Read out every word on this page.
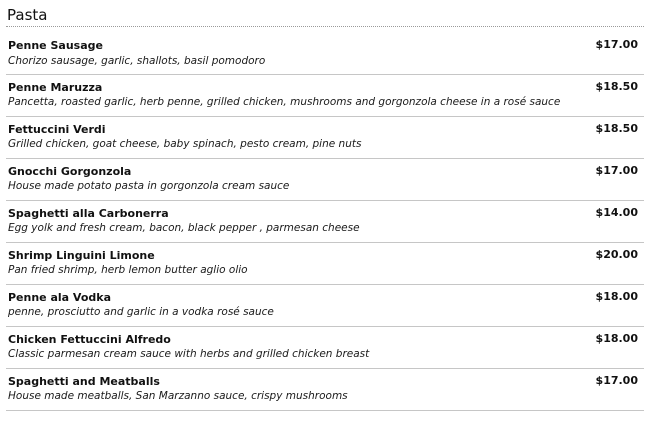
Pasta
Penne Sausage	$17.00
Chorizo sausage, garlic, shallots, basil pomodoro
Penne Maruzza	$18.50
Pancetta, roasted garlic, herb penne, grilled chicken, mushrooms and gorgonzola cheese in a rosé sauce
Fettuccini Verdi	$18.50
Grilled chicken, goat cheese, baby spinach, pesto cream, pine nuts
Gnocchi Gorgonzola	$17.00
House made potato pasta in gorgonzola cream sauce
Spaghetti alla Carbonerra	$14.00
Egg yolk and fresh cream, bacon, black pepper , parmesan cheese
Shrimp Linguini Limone	$20.00
Pan fried shrimp, herb lemon butter aglio olio
Penne ala Vodka	$18.00
penne, prosciutto and garlic in a vodka rosé sauce
Chicken Fettuccini Alfredo	$18.00
Classic parmesan cream sauce with herbs and grilled chicken breast
Spaghetti and Meatballs	$17.00
House made meatballs, San Marzanno sauce, crispy mushrooms
